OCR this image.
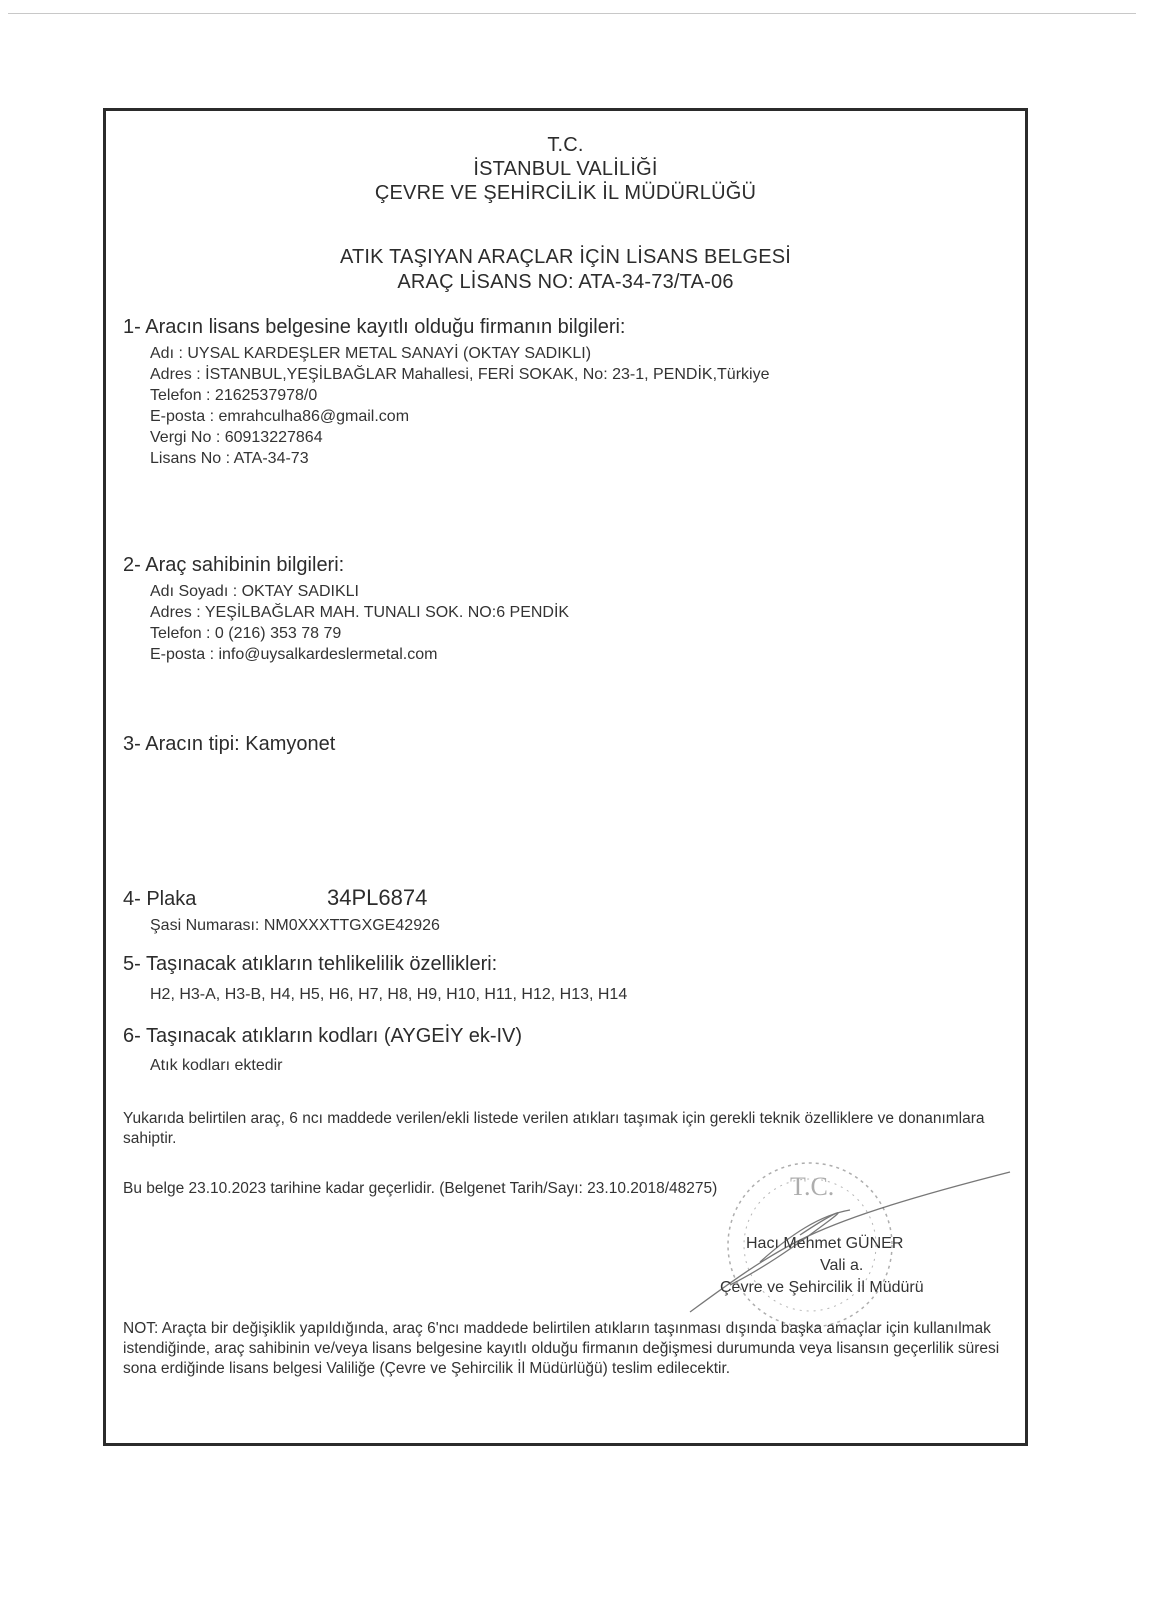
T.C.
İSTANBUL VALİLİĞİ
ÇEVRE VE ŞEHİRCİLİK İL MÜDÜRLÜĞÜ
ATIK TAŞIYAN ARAÇLAR İÇİN LİSANS BELGESİ
ARAÇ LİSANS NO: ATA-34-73/TA-06
1- Aracın lisans belgesine kayıtlı olduğu firmanın bilgileri:
Adı : UYSAL KARDEŞLER METAL SANAYİ (OKTAY SADIKLI)
Adres : İSTANBUL,YEŞİLBAĞLAR Mahallesi, FERİ SOKAK, No: 23-1, PENDİK,Türkiye
Telefon : 2162537978/0
E-posta : emrahculha86@gmail.com
Vergi No : 60913227864
Lisans No : ATA-34-73
2- Araç sahibinin bilgileri:
Adı Soyadı : OKTAY SADIKLI
Adres : YEŞİLBAĞLAR MAH. TUNALI SOK. NO:6 PENDİK
Telefon : 0 (216) 353 78 79
E-posta : info@uysalkardeslermetal.com
3- Aracın tipi: Kamyonet
4- Plaka	34PL6874
Şasi Numarası: NM0XXXTTGXGE42926
5- Taşınacak atıkların tehlikelilik özellikleri:
H2, H3-A, H3-B, H4, H5, H6, H7, H8, H9, H10, H11, H12, H13, H14
6- Taşınacak atıkların kodları (AYGEİY ek-IV)
Atık kodları ektedir
Yukarıda belirtilen araç, 6 ncı maddede verilen/ekli listede verilen atıkları taşımak için gerekli teknik özelliklere ve donanımlara sahiptir.
Bu belge 23.10.2023 tarihine kadar geçerlidir. (Belgenet Tarih/Sayı: 23.10.2018/48275)
Hacı Mehmet GÜNER
Vali a.
Çevre ve Şehircilik İl Müdürü
NOT: Araçta bir değişiklik yapıldığında, araç 6'ncı maddede belirtilen atıkların taşınması dışında başka amaçlar için kullanılmak istendiğinde, araç sahibinin ve/veya lisans belgesine kayıtlı olduğu firmanın değişmesi durumunda veya lisansın geçerlilik süresi sona erdiğinde lisans belgesi Valiliğe (Çevre ve Şehircilik İl Müdürlüğü) teslim edilecektir.
T.C.
